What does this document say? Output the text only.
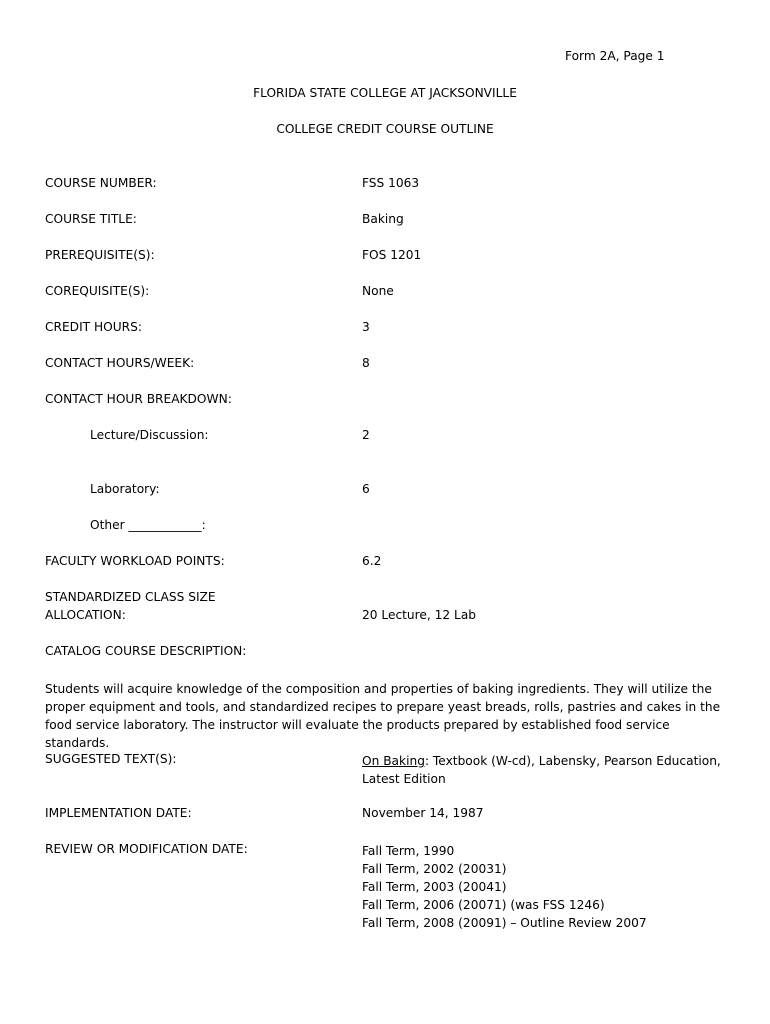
Form 2A, Page 1
FLORIDA STATE COLLEGE AT JACKSONVILLE
COLLEGE CREDIT COURSE OUTLINE
COURSE NUMBER:	FSS 1063
COURSE TITLE:	Baking
PREREQUISITE(S):	FOS 1201
COREQUISITE(S):	None
CREDIT HOURS:	3
CONTACT HOURS/WEEK:	8
CONTACT HOUR BREAKDOWN:
Lecture/Discussion:	2
Laboratory:	6
Other ____________:
FACULTY WORKLOAD POINTS:	6.2
STANDARDIZED CLASS SIZE
ALLOCATION:	20 Lecture, 12 Lab
CATALOG COURSE DESCRIPTION:
Students will acquire knowledge of the composition and properties of baking ingredients. They will utilize the proper equipment and tools, and standardized recipes to prepare yeast breads, rolls, pastries and cakes in the food service laboratory. The instructor will evaluate the products prepared by established food service standards.
SUGGESTED TEXT(S):	On Baking: Textbook (W-cd), Labensky, Pearson Education,
Latest Edition
IMPLEMENTATION DATE:	November 14, 1987
REVIEW OR MODIFICATION DATE:	Fall Term, 1990
Fall Term, 2002 (20031)
Fall Term, 2003 (20041)
Fall Term, 2006 (20071) (was FSS 1246)
Fall Term, 2008 (20091) – Outline Review 2007
